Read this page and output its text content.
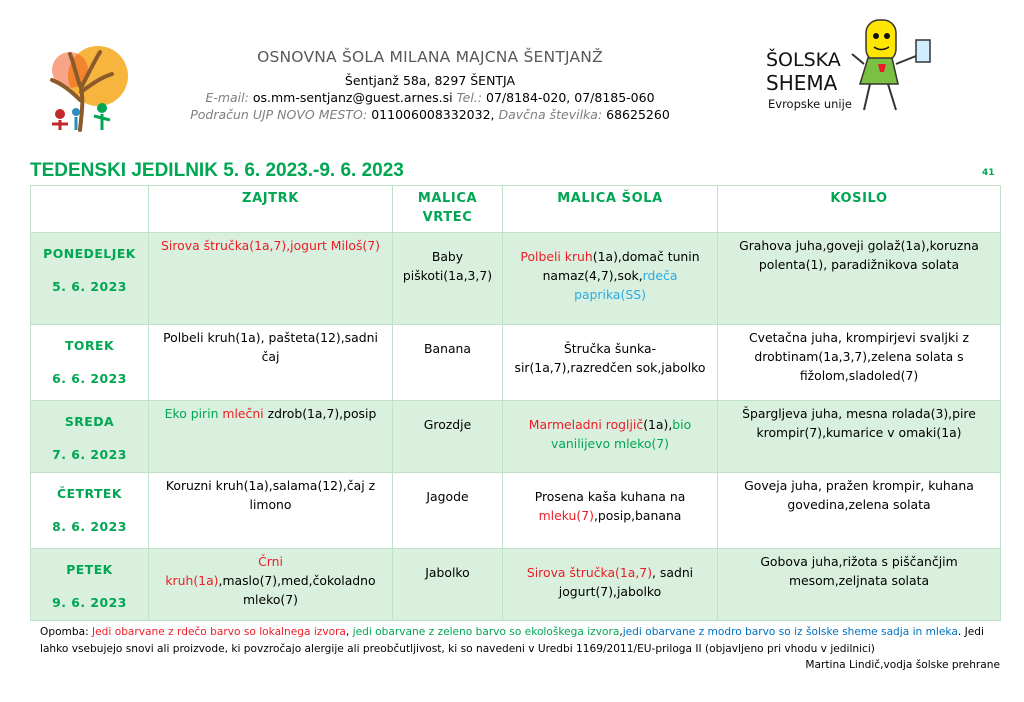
OSNOVNA ŠOLA MILANA MAJCNA ŠENTJANŽ

Šentjanž 58a, 8297 ŠENTJA

E-mail: os.mm-sentjanz@guest.arnes.si Tel.: 07/8184-020, 07/8185-060

Podračun UJP NOVO MESTO: 011006008332032, Davčna številka: 68625260

ŠOLSKA
SHEMA
Evropske unije
TEDENSKI JEDILNIK 5. 6. 2023.-9. 6. 2023	41
	ZAJTRK	MALICA
VRTEC	MALICA ŠOLA	KOSILO

PONEDELJEK
5. 6. 2023	Sirova štručka(1a,7),jogurt Miloš(7)	Baby piškoti(1a,3,7)	Polbeli kruh(1a),domač tunin namaz(4,7),sok,rdeča paprika(SS)	Grahova juha,goveji golaž(1a),koruzna polenta(1), paradižnikova solata

TOREK
6. 6. 2023	Polbeli kruh(1a), pašteta(12),sadni čaj	Banana	Štručka šunka-sir(1a,7),razredčen sok,jabolko	Cvetačna juha, krompirjevi svaljki z drobtinam(1a,3,7),zelena solata s fižolom,sladoled(7)

SREDA
7. 6. 2023	Eko pirin mlečni zdrob(1a,7),posip	Grozdje	Marmeladni rogljič(1a),bio vanilijevo mleko(7)	Špargljeva juha, mesna rolada(3),pire krompir(7),kumarice v omaki(1a)

ČETRTEK
8. 6. 2023	Koruzni kruh(1a),salama(12),čaj z limono	Jagode	Prosena kaša kuhana na mleku(7),posip,banana	Goveja juha, pražen krompir, kuhana govedina,zelena solata

PETEK
9. 6. 2023	Črni kruh(1a),maslo(7),med,čokoladno mleko(7)	Jabolko	Sirova štručka(1a,7), sadni jogurt(7),jabolko	Gobova juha,rižota s piščančjim mesom,zeljnata solata
Opomba: Jedi obarvane z rdečo barvo so lokalnega izvora, jedi obarvane z zeleno barvo so ekološkega izvora,jedi obarvane z modro barvo so iz šolske sheme sadja in mleka. Jedi lahko vsebujejo snovi ali proizvode, ki povzročajo alergije ali preobčutljivost, ki so navedeni v Uredbi 1169/2011/EU-priloga II (objavljeno pri vhodu v jedilnici)
Martina Lindič,vodja šolske prehrane
